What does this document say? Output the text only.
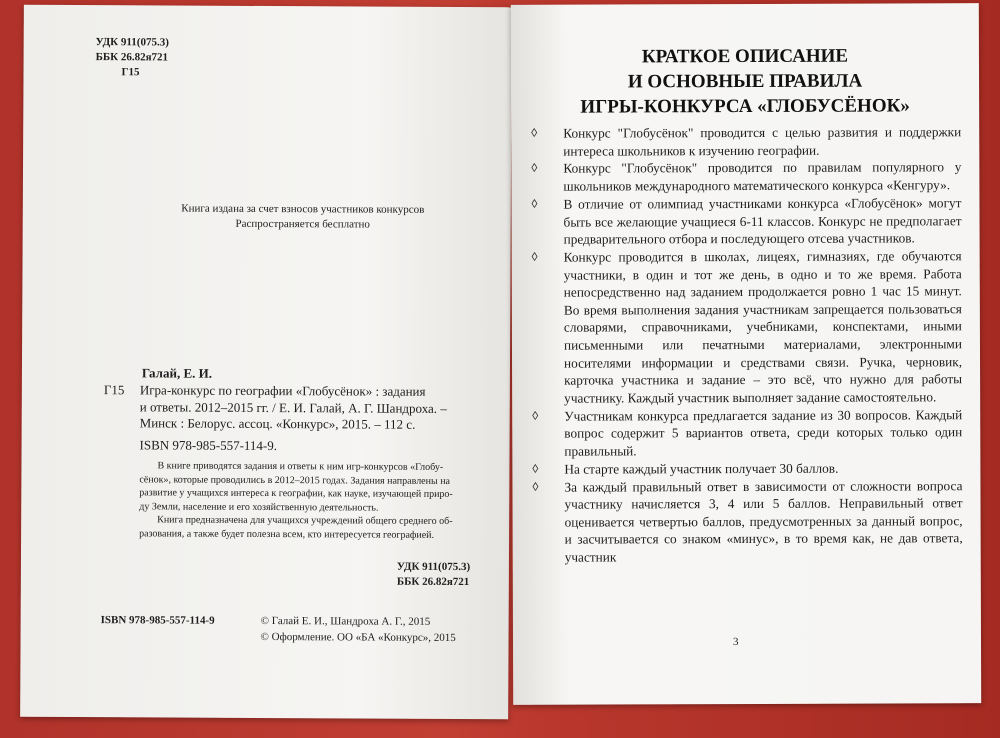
УДК 911(075.3)
ББК 26.82я721
Г15
Книга издана за счет взносов участников конкурсов
Распространяется бесплатно
Галай, Е. И.
Г15 Игра-конкурс по географии «Глобусёнок» : задания
и ответы. 2012–2015 гг. / Е. И. Галай, А. Г. Шандроха. –
Минск : Белорус. ассоц. «Конкурс», 2015. – 112 с.
ISBN 978-985-557-114-9.
В книге приводятся задания и ответы к ним игр-конкурсов «Глобу-
сёнок», которые проводились в 2012–2015 годах. Задания направлены на
развитие у учащихся интереса к географии, как науке, изучающей приро-
ду Земли, население и его хозяйственную деятельность.
Книга предназначена для учащихся учреждений общего среднего об-
разования, а также будет полезна всем, кто интересуется географией.
УДК 911(075.3)
ББК 26.82я721
ISBN 978-985-557-114-9	© Галай Е. И., Шандроха А. Г., 2015
© Оформление. ОО «БА «Конкурс», 2015
КРАТКОЕ ОПИСАНИЕ
И ОСНОВНЫЕ ПРАВИЛА
ИГРЫ-КОНКУРСА «ГЛОБУСЁНОК»
◊ Конкурс "Глобусёнок" проводится с целью развития и поддержки интереса школьников к изучению географии.
◊ Конкурс "Глобусёнок" проводится по правилам популярного у школьников международного математического конкурса «Кенгуру».
◊ В отличие от олимпиад участниками конкурса «Глобусёнок» могут быть все желающие учащиеся 6-11 классов. Конкурс не предполагает предварительного отбора и последующего отсева участников.
◊ Конкурс проводится в школах, лицеях, гимназиях, где обучаются участники, в один и тот же день, в одно и то же время. Работа непосредственно над заданием продолжается ровно 1 час 15 минут. Во время выполнения задания участникам запрещается пользоваться словарями, справочниками, учебниками, конспектами, иными письменными или печатными материалами, электронными носителями информации и средствами связи. Ручка, черновик, карточка участника и задание – это всё, что нужно для работы участнику. Каждый участник выполняет задание самостоятельно.
◊ Участникам конкурса предлагается задание из 30 вопросов. Каждый вопрос содержит 5 вариантов ответа, среди которых только один правильный.
◊ На старте каждый участник получает 30 баллов.
◊ За каждый правильный ответ в зависимости от сложности вопроса участнику начисляется 3, 4 или 5 баллов. Неправильный ответ оценивается четвертью баллов, предусмотренных за данный вопрос, и засчитывается со знаком «минус», в то время как, не дав ответа, участник
3
